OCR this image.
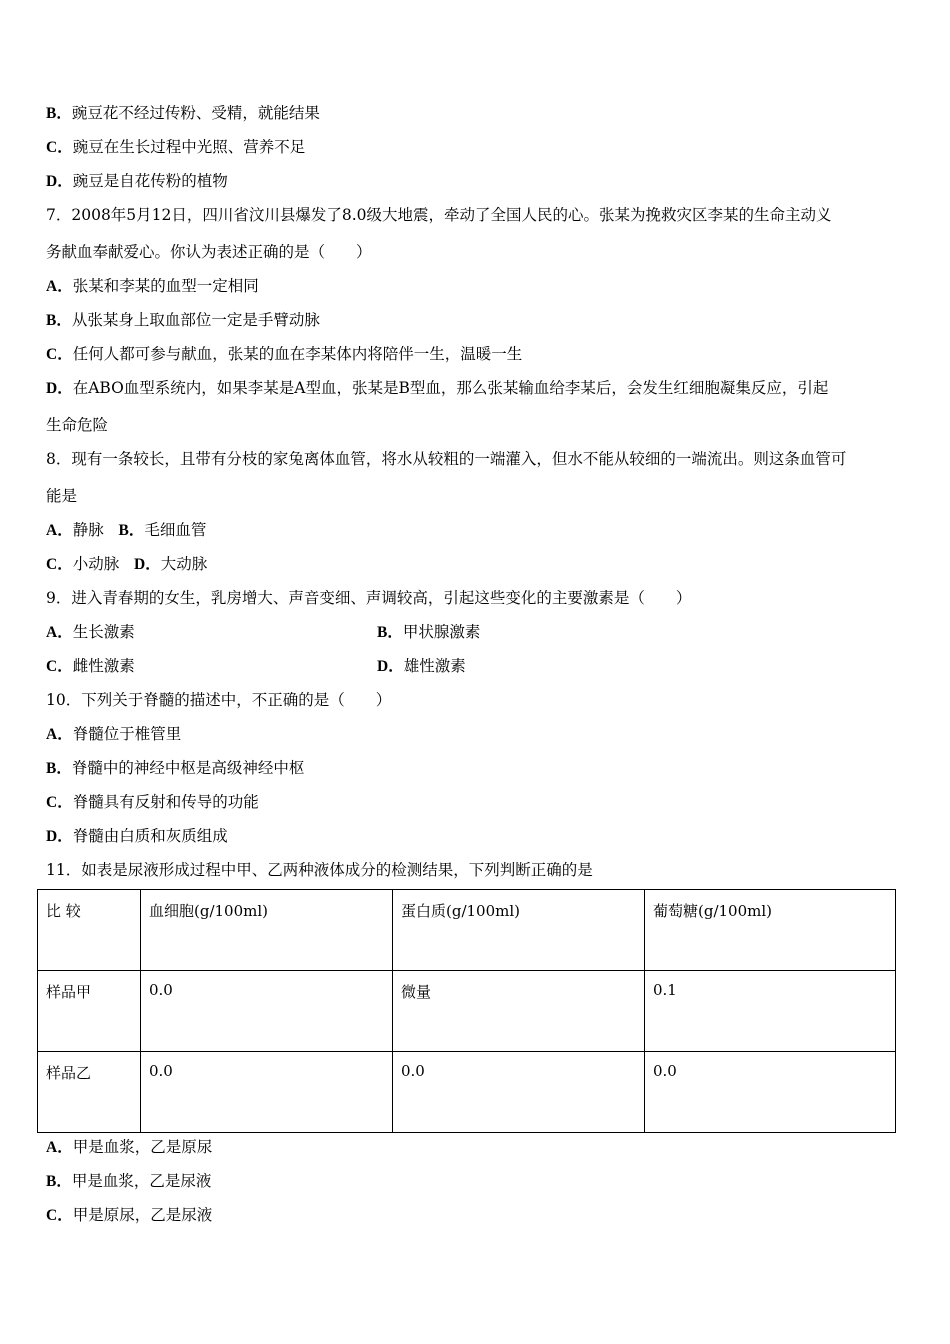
B．豌豆花不经过传粉、受精，就能结果
C．豌豆在生长过程中光照、营养不足
D．豌豆是自花传粉的植物
7．2008年5月12日，四川省汶川县爆发了8.0级大地震，牵动了全国人民的心。张某为挽救灾区李某的生命主动义
务献血奉献爱心。你认为表述正确的是（　　）
A．张某和李某的血型一定相同
B．从张某身上取血部位一定是手臂动脉
C．任何人都可参与献血，张某的血在李某体内将陪伴一生，温暖一生
D．在ABO血型系统内，如果李某是A型血，张某是B型血，那么张某输血给李某后，会发生红细胞凝集反应，引起
生命危险
8．现有一条较长，且带有分枝的家兔离体血管，将水从较粗的一端灌入，但水不能从较细的一端流出。则这条血管可
能是
A．静脉 B．毛细血管
C．小动脉 D．大动脉
9．进入青春期的女生，乳房增大、声音变细、声调较高，引起这些变化的主要激素是（　　）
A．生长激素	B．甲状腺激素
C．雌性激素	D．雄性激素
10．下列关于脊髓的描述中，不正确的是（　　）
A．脊髓位于椎管里
B．脊髓中的神经中枢是高级神经中枢
C．脊髓具有反射和传导的功能
D．脊髓由白质和灰质组成
11．如表是尿液形成过程中甲、乙两种液体成分的检测结果，下列判断正确的是
比 较	血细胞(g/100ml)	蛋白质(g/100ml)	葡萄糖(g/100ml)
样品甲	0.0	微量	0.1
样品乙	0.0	0.0	0.0
A．甲是血浆，乙是原尿
B．甲是血浆，乙是尿液
C．甲是原尿，乙是尿液
